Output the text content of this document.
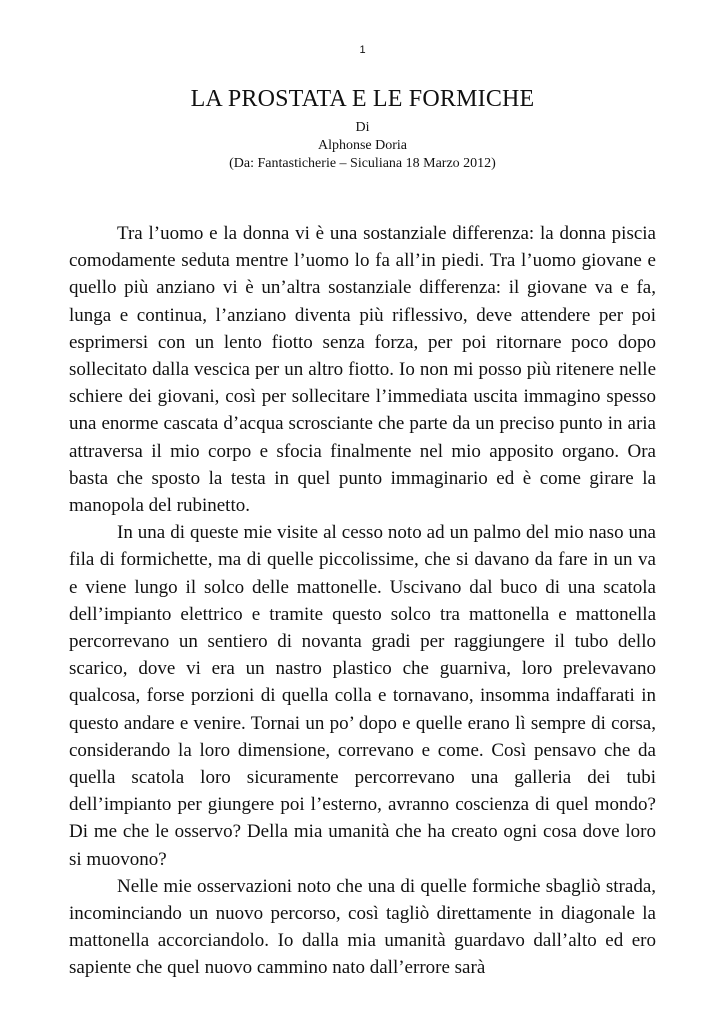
1
LA PROSTATA E LE FORMICHE
Di
Alphonse Doria
(Da: Fantasticherie – Siculiana 18 Marzo 2012)

Tra l’uomo e la donna vi è una sostanziale differenza: la donna piscia comodamente seduta mentre l’uomo lo fa all’in piedi. Tra l’uomo giovane e quello più anziano vi è un’altra sostanziale differenza: il giovane va e fa, lunga e continua, l’anziano diventa più riflessivo, deve attendere per poi esprimersi con un lento fiotto senza forza, per poi ritornare poco dopo sollecitato dalla vescica per un altro fiotto. Io non mi posso più ritenere nelle schiere dei giovani, così per sollecitare l’immediata uscita immagino spesso una enorme cascata d’acqua scrosciante che parte da un preciso punto in aria attraversa il mio corpo e sfocia finalmente nel mio apposito organo. Ora basta che sposto la testa in quel punto immaginario ed è come girare la manopola del rubinetto.

In una di queste mie visite al cesso noto ad un palmo del mio naso una fila di formichette, ma di quelle piccolissime, che si davano da fare in un va e viene lungo il solco delle mattonelle. Uscivano dal buco di una scatola dell’impianto elettrico e tramite questo solco tra mattonella e mattonella percorrevano un sentiero di novanta gradi per raggiungere il tubo dello scarico, dove vi era un nastro plastico che guarniva, loro prelevavano qualcosa, forse porzioni di quella colla e tornavano, insomma indaffarati in questo andare e venire. Tornai un po’ dopo e quelle erano lì sempre di corsa, considerando la loro dimensione, correvano e come. Così pensavo che da quella scatola loro sicuramente percorrevano una galleria dei tubi dell’impianto per giungere poi l’esterno, avranno coscienza di quel mondo? Di me che le osservo? Della mia umanità che ha creato ogni cosa dove loro si muovono?

Nelle mie osservazioni noto che una di quelle formiche sbagliò strada, incominciando un nuovo percorso, così tagliò direttamente in diagonale la mattonella accorciandolo. Io dalla mia umanità guardavo dall’alto ed ero sapiente che quel nuovo cammino nato dall’errore sarà
